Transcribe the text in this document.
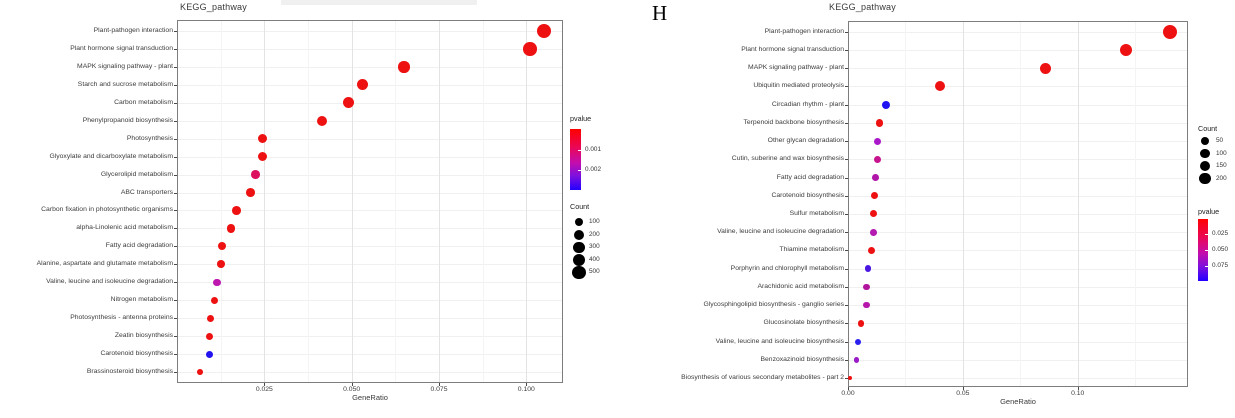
H
KEGG_pathway	KEGG_pathway
GeneRatio	GeneRatio
Plant-pathogen interaction
Plant hormone signal transduction
MAPK signaling pathway - plant
Starch and sucrose metabolism
Carbon metabolism
Phenylpropanoid biosynthesis
Photosynthesis
Glyoxylate and dicarboxylate metabolism
Glycerolipid metabolism
ABC transporters
Carbon fixation in photosynthetic organisms
alpha-Linolenic acid metabolism
Fatty acid degradation
Alanine, aspartate and glutamate metabolism
Valine, leucine and isoleucine degradation
Nitrogen metabolism
Photosynthesis - antenna proteins
Zeatin biosynthesis
Carotenoid biosynthesis
Brassinosteroid biosynthesis
0.025	0.050	0.075	0.100
pvalue
0.001
0.002
Count
100
200
300
400
500
Plant-pathogen interaction
Plant hormone signal transduction
MAPK signaling pathway - plant
Ubiquitin mediated proteolysis
Circadian rhythm - plant
Terpenoid backbone biosynthesis
Other glycan degradation
Cutin, suberine and wax biosynthesis
Fatty acid degradation
Carotenoid biosynthesis
Sulfur metabolism
Valine, leucine and isoleucine degradation
Thiamine metabolism
Porphyrin and chlorophyll metabolism
Arachidonic acid metabolism
Glycosphingolipid biosynthesis - ganglio series
Glucosinolate biosynthesis
Valine, leucine and isoleucine biosynthesis
Benzoxazinoid biosynthesis
Biosynthesis of various secondary metabolites - part 2
0.00	0.05	0.10
Count
50
100
150
200
pvalue
0.025
0.050
0.075
